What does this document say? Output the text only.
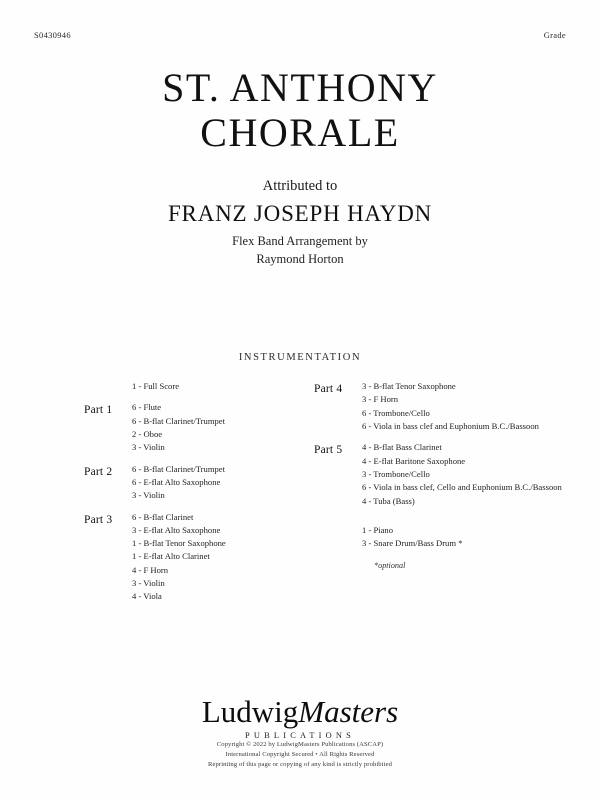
S0430946	Grade
ST. ANTHONY
CHORALE
Attributed to
FRANZ JOSEPH HAYDN
Flex Band Arrangement by
Raymond Horton
INSTRUMENTATION
1 - Full Score
Part 1	6 - Flute
6 - B-flat Clarinet/Trumpet
2 - Oboe
3 - Violin
Part 2	6 - B-flat Clarinet/Trumpet
6 - E-flat Alto Saxophone
3 - Violin
Part 3	6 - B-flat Clarinet
3 - E-flat Alto Saxophone
1 - B-flat Tenor Saxophone
1 - E-flat Alto Clarinet
4 - F Horn
3 - Violin
4 - Viola
Part 4	3 - B-flat Tenor Saxophone
3 - F Horn
6 - Trombone/Cello
6 - Viola in bass clef and Euphonium B.C./Bassoon
Part 5	4 - B-flat Bass Clarinet
4 - E-flat Baritone Saxophone
3 - Trombone/Cello
6 - Viola in bass clef, Cello and Euphonium B.C./Bassoon
4 - Tuba (Bass)
1 - Piano
3 - Snare Drum/Bass Drum *
*optional
LudwigMasters
PUBLICATIONS
Copyright © 2022 by LudwigMasters Publications (ASCAP)
International Copyright Secured • All Rights Reserved
Reprinting of this page or copying of any kind is strictly prohibited
